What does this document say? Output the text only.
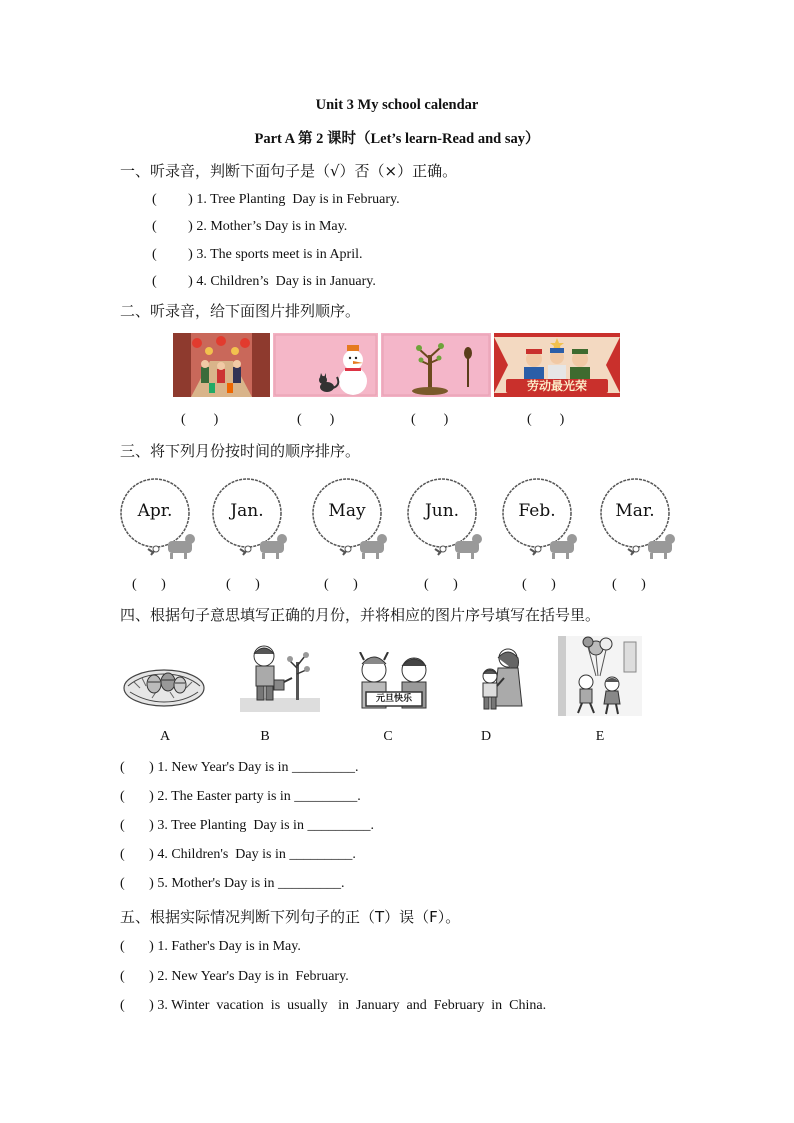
Unit 3 My school calendar
Part A 第 2 课时（Let’s learn-Read and say）
一、听录音，判断下面句子是（√）否（×）正确。
(         ) 1. Tree Planting  Day is in February.
(         ) 2. Mother’s Day is in May.
(         ) 3. The sports meet is in April.
(         ) 4. Children’s  Day is in January.
二、听录音，给下面图片排列顺序。
劳动最光荣
(        )	(        )	(        )	(        )
三、将下列月份按时间的顺序排序。
Apr.	Jan.	May	Jun.	Feb.	Mar.
(       )	(       )	(       )	(       )	(       )	(       )
四、根据句子意思填写正确的月份，并将相应的图片序号填写在括号里。
A	B
元旦快乐
C	D	E
(       ) 1. New Year's Day is in _________.
(       ) 2. The Easter party is in _________.
(       ) 3. Tree Planting  Day is in _________.
(       ) 4. Children's  Day is in _________.
(       ) 5. Mother's Day is in _________.
五、根据实际情况判断下列句子的正（T）误（F）。
(       ) 1. Father's Day is in May.
(       ) 2. New Year's Day is in  February.
(       ) 3. Winter  vacation  is  usually   in  January  and  February  in  China.
